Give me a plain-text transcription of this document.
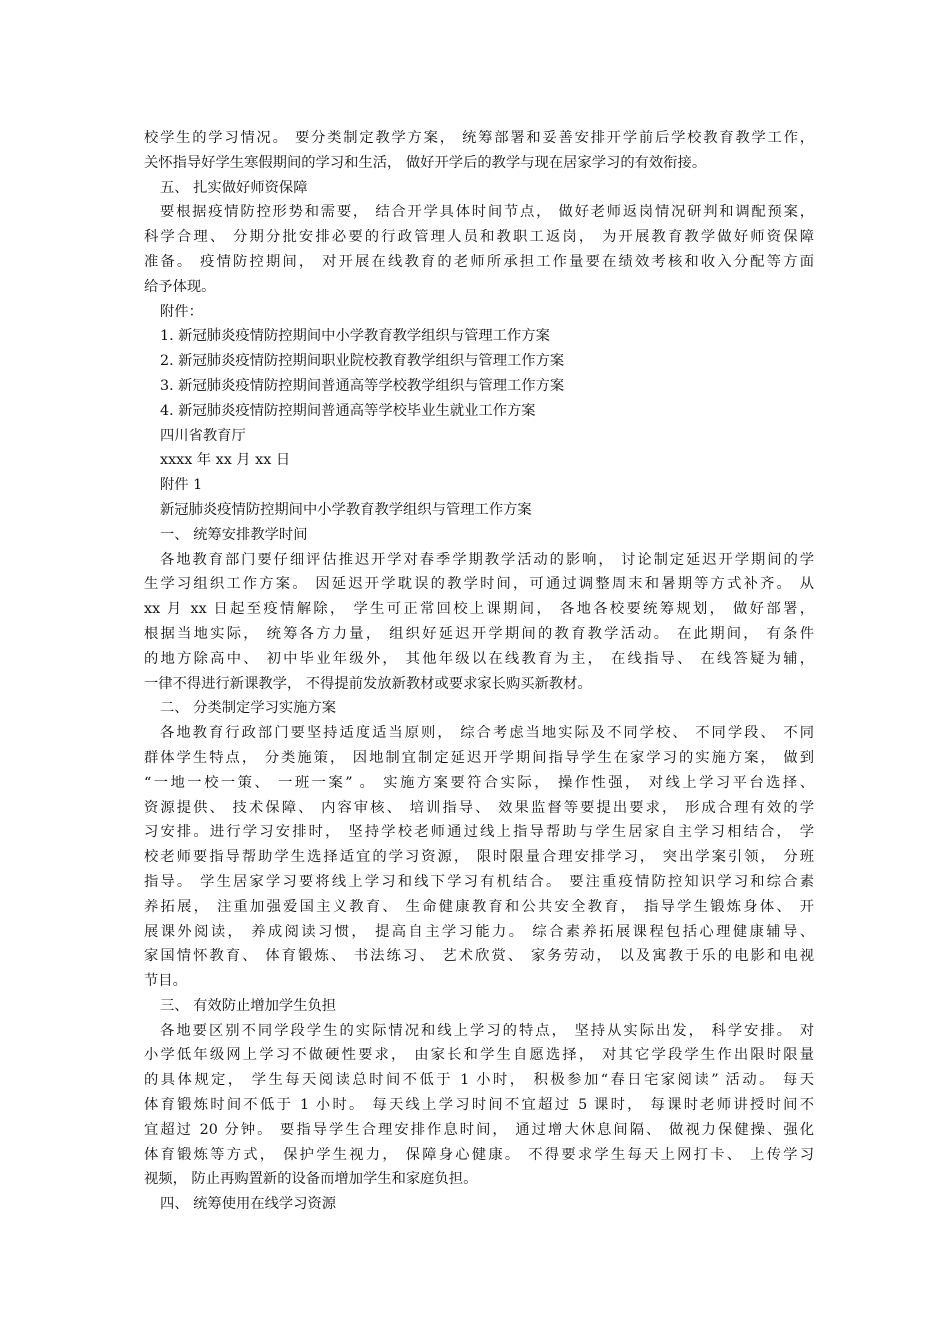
校学生的学习情况。 要分类制定教学方案， 统筹部署和妥善安排开学前后学校教育教学工作，
关怀指导好学生寒假期间的学习和生活， 做好开学后的教学与现在居家学习的有效衔接。
五、 扎实做好师资保障
要根据疫情防控形势和需要， 结合开学具体时间节点， 做好老师返岗情况研判和调配预案，
科学合理、 分期分批安排必要的行政管理人员和教职工返岗， 为开展教育教学做好师资保障
准备。 疫情防控期间， 对开展在线教育的老师所承担工作量要在绩效考核和收入分配等方面
给予体现。
附件：
1. 新冠肺炎疫情防控期间中小学教育教学组织与管理工作方案
2. 新冠肺炎疫情防控期间职业院校教育教学组织与管理工作方案
3. 新冠肺炎疫情防控期间普通高等学校教学组织与管理工作方案
4. 新冠肺炎疫情防控期间普通高等学校毕业生就业工作方案
四川省教育厅
xxxx 年 xx 月 xx 日
附件 1
新冠肺炎疫情防控期间中小学教育教学组织与管理工作方案
一、 统筹安排教学时间
各地教育部门要仔细评估推迟开学对春季学期教学活动的影响， 讨论制定延迟开学期间的学
生学习组织工作方案。 因延迟开学耽误的教学时间，可通过调整周末和暑期等方式补齐。 从
xx 月 xx 日起至疫情解除， 学生可正常回校上课期间， 各地各校要统筹规划， 做好部署，
根据当地实际， 统筹各方力量， 组织好延迟开学期间的教育教学活动。 在此期间， 有条件
的地方除高中、 初中毕业年级外， 其他年级以在线教育为主， 在线指导、 在线答疑为辅，
一律不得进行新课教学， 不得提前发放新教材或要求家长购买新教材。
二、 分类制定学习实施方案
各地教育行政部门要坚持适度适当原则， 综合考虑当地实际及不同学校、 不同学段、 不同
群体学生特点， 分类施策， 因地制宜制定延迟开学期间指导学生在家学习的实施方案， 做到
“一地一校一策、 一班一案” 。 实施方案要符合实际， 操作性强， 对线上学习平台选择、
资源提供、 技术保障、 内容审核、 培训指导、 效果监督等要提出要求， 形成合理有效的学
习安排。进行学习安排时， 坚持学校老师通过线上指导帮助与学生居家自主学习相结合， 学
校老师要指导帮助学生选择适宜的学习资源， 限时限量合理安排学习， 突出学案引领， 分班
指导。 学生居家学习要将线上学习和线下学习有机结合。 要注重疫情防控知识学习和综合素
养拓展， 注重加强爱国主义教育、 生命健康教育和公共安全教育， 指导学生锻炼身体、 开
展课外阅读， 养成阅读习惯， 提高自主学习能力。 综合素养拓展课程包括心理健康辅导、
家国情怀教育、 体育锻炼、 书法练习、 艺术欣赏、 家务劳动， 以及寓教于乐的电影和电视
节目。
三、 有效防止增加学生负担
各地要区别不同学段学生的实际情况和线上学习的特点， 坚持从实际出发， 科学安排。 对
小学低年级网上学习不做硬性要求， 由家长和学生自愿选择， 对其它学段学生作出限时限量
的具体规定， 学生每天阅读总时间不低于 1 小时， 积极参加“春日宅家阅读” 活动。 每天
体育锻炼时间不低于 1 小时。 每天线上学习时间不宜超过 5 课时， 每课时老师讲授时间不
宜超过 20 分钟。 要指导学生合理安排作息时间， 通过增大休息间隔、 做视力保健操、强化
体育锻炼等方式， 保护学生视力， 保障身心健康。 不得要求学生每天上网打卡、 上传学习
视频， 防止再购置新的设备而增加学生和家庭负担。
四、 统筹使用在线学习资源
